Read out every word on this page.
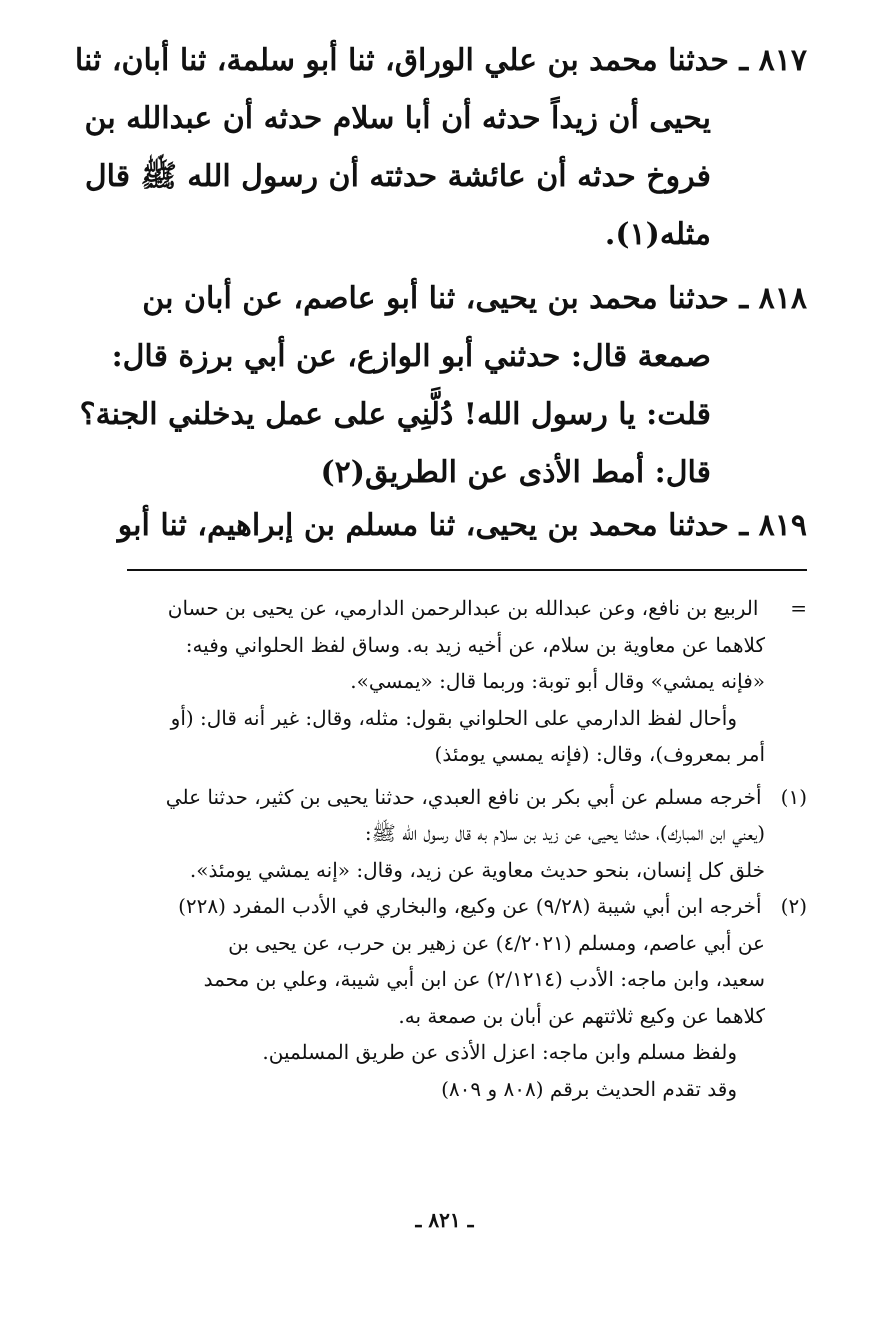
٨١٧ ـ حدثنا محمد بن علي الوراق، ثنا أبو سلمة، ثنا أبان، ثنا
يحيى أن زيداً حدثه أن أبا سلام حدثه أن عبدالله بن
فروخ حدثه أن عائشة حدثته أن رسول الله ﷺ قال
مثله(١).
٨١٨ ـ حدثنا محمد بن يحيى، ثنا أبو عاصم، عن أبان بن
صمعة قال: حدثني أبو الوازع، عن أبي برزة قال:
قلت: يا رسول الله! دُلَّنِي على عمل يدخلني الجنة؟
قال: أمط الأذى عن الطريق(٢)
٨١٩ ـ حدثنا محمد بن يحيى، ثنا مسلم بن إبراهيم، ثنا أبو
=     الربيع بن نافع، وعن عبدالله بن عبدالرحمن الدارمي، عن يحيى بن حسان
كلاهما عن معاوية بن سلام، عن أخيه زيد به. وساق لفظ الحلواني وفيه:
«فإنه يمشي» وقال أبو توبة: وربما قال: «يمسي».
وأحال لفظ الدارمي على الحلواني بقول: مثله، وقال: غير أنه قال: (أو
أمر بمعروف)، وقال: (فإنه يمسي يومئذ)
(١)   أخرجه مسلم عن أبي بكر بن نافع العبدي، حدثنا يحيى بن كثير، حدثنا علي
(يعني ابن المبارك)، حدثنا يحيى، عن زيد بن سلام به قال رسول الله ﷺ:
خلق كل إنسان، بنحو حديث معاوية عن زيد، وقال: «إنه يمشي يومئذ».
(٢)   أخرجه ابن أبي شيبة (٩/٢٨) عن وكيع، والبخاري في الأدب المفرد (٢٢٨)
عن أبي عاصم، ومسلم (٤/٢٠٢١) عن زهير بن حرب، عن يحيى بن
سعيد، وابن ماجه: الأدب (٢/١٢١٤) عن ابن أبي شيبة، وعلي بن محمد
كلاهما عن وكيع ثلاثتهم عن أبان بن صمعة به.
ولفظ مسلم وابن ماجه: اعزل الأذى عن طريق المسلمين.
وقد تقدم الحديث برقم (٨٠٨ و ٨٠٩)
ـ ٨٢١ ـ
